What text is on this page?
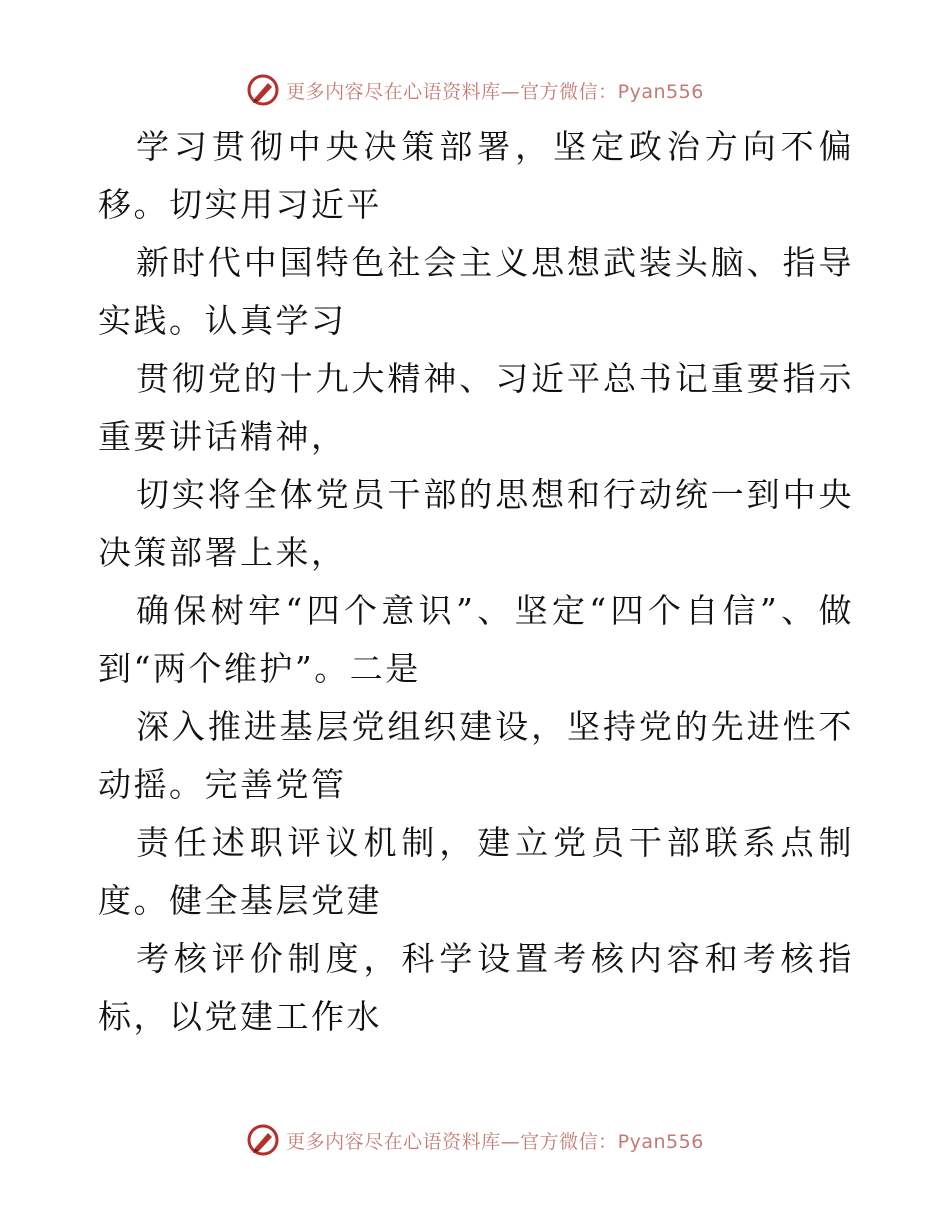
更多内容尽在心语资料库—官方微信：Pyan556

学习贯彻中央决策部署，坚定政治方向不偏移。切实用习近平

新时代中国特色社会主义思想武装头脑、指导实践。认真学习

贯彻党的十九大精神、习近平总书记重要指示重要讲话精神，

切实将全体党员干部的思想和行动统一到中央决策部署上来，

确保树牢“四个意识”、坚定“四个自信”、做到“两个维护”。二是

深入推进基层党组织建设，坚持党的先进性不动摇。完善党管

责任述职评议机制，建立党员干部联系点制度。健全基层党建

考核评价制度，科学设置考核内容和考核指标，以党建工作水

更多内容尽在心语资料库—官方微信：Pyan556
